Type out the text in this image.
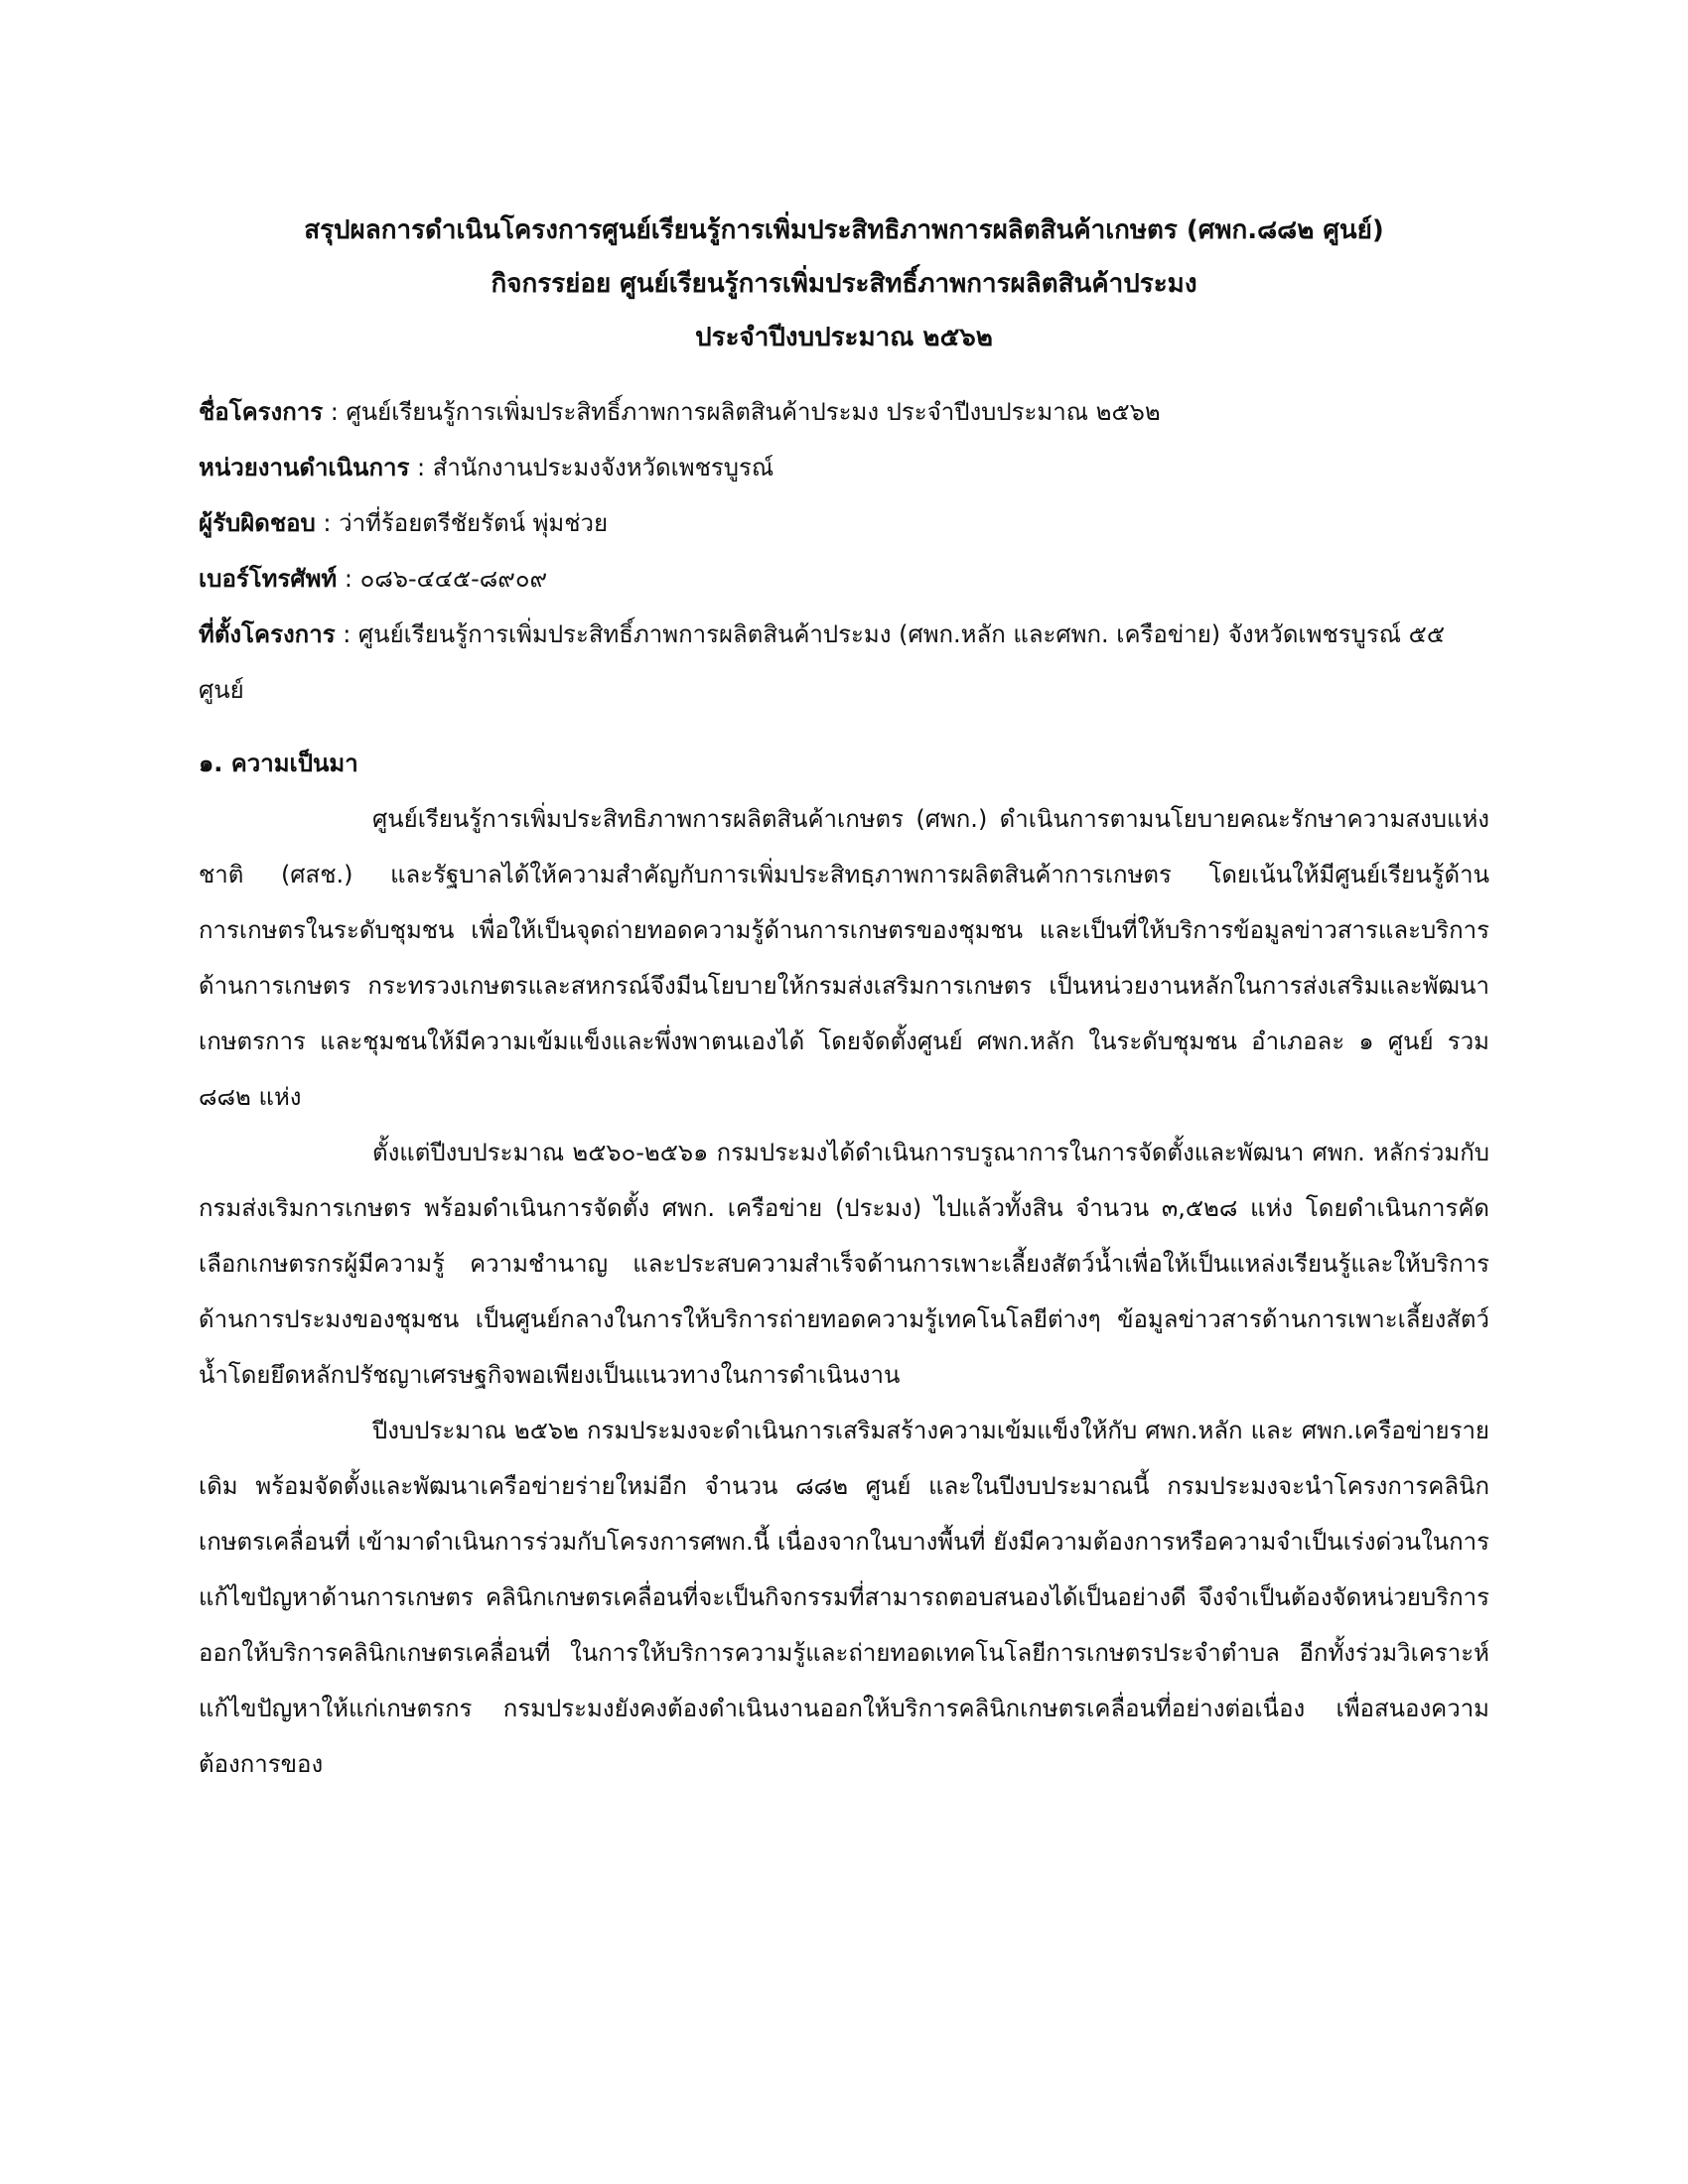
สรุปผลการดำเนินโครงการศูนย์เรียนรู้การเพิ่มประสิทธิภาพการผลิตสินค้าเกษตร (ศพก.๘๘๒ ศูนย์)

กิจกรรย่อย ศูนย์เรียนรู้การเพิ่มประสิทธิ์ภาพการผลิตสินค้าประมง

ประจำปีงบประมาณ ๒๕๖๒

ชื่อโครงการ : ศูนย์เรียนรู้การเพิ่มประสิทธิ์ภาพการผลิตสินค้าประมง ประจำปีงบประมาณ ๒๕๖๒

หน่วยงานดำเนินการ : สำนักงานประมงจังหวัดเพชรบูรณ์

ผู้รับผิดชอบ : ว่าที่ร้อยตรีชัยรัตน์ พุ่มช่วย

เบอร์โทรศัพท์ : ๐๘๖-๔๔๕-๘๙๐๙

ที่ตั้งโครงการ : ศูนย์เรียนรู้การเพิ่มประสิทธิ์ภาพการผลิตสินค้าประมง (ศพก.หลัก และศพก. เครือข่าย) จังหวัดเพชรบูรณ์ ๕๕ ศูนย์

๑. ความเป็นมา

ศูนย์เรียนรู้การเพิ่มประสิทธิภาพการผลิตสินค้าเกษตร (ศพก.) ดำเนินการตามนโยบายคณะรักษาความสงบแห่งชาติ (ศสช.) และรัฐบาลได้ให้ความสำคัญกับการเพิ่มประสิทธฺภาพการผลิตสินค้าการเกษตร โดยเน้นให้มีศูนย์เรียนรู้ด้านการเกษตรในระดับชุมชน เพื่อให้เป็นจุดถ่ายทอดความรู้ด้านการเกษตรของชุมชน และเป็นที่ให้บริการข้อมูลข่าวสารและบริการด้านการเกษตร กระทรวงเกษตรและสหกรณ์จึงมีนโยบายให้กรมส่งเสริมการเกษตร เป็นหน่วยงานหลักในการส่งเสริมและพัฒนาเกษตรการ และชุมชนให้มีความเข้มแข็งและพึ่งพาตนเองได้ โดยจัดตั้งศูนย์ ศพก.หลัก ในระดับชุมชน อำเภอละ ๑ ศูนย์ รวม ๘๘๒ แห่ง

ตั้งแต่ปีงบประมาณ ๒๕๖๐-๒๕๖๑ กรมประมงได้ดำเนินการบรูณาการในการจัดตั้งและพัฒนา ศพก. หลักร่วมกับกรมส่งเริมการเกษตร พร้อมดำเนินการจัดตั้ง ศพก. เครือข่าย (ประมง) ไปแล้วทั้งสิน จำนวน ๓,๕๒๘ แห่ง โดยดำเนินการคัดเลือกเกษตรกรผู้มีความรู้ ความชำนาญ และประสบความสำเร็จด้านการเพาะเลี้ยงสัตว์น้ำเพื่อให้เป็นแหล่งเรียนรู้และให้บริการด้านการประมงของชุมชน เป็นศูนย์กลางในการให้บริการถ่ายทอดความรู้เทคโนโลยีต่างๆ ข้อมูลข่าวสารด้านการเพาะเลี้ยงสัตว์น้ำโดยยึดหลักปรัชญาเศรษฐกิจพอเพียงเป็นแนวทางในการดำเนินงาน

ปีงบประมาณ ๒๕๖๒ กรมประมงจะดำเนินการเสริมสร้างความเข้มแข็งให้กับ ศพก.หลัก และ ศพก.เครือข่ายรายเดิม พร้อมจัดตั้งและพัฒนาเครือข่ายร่ายใหม่อีก จำนวน ๘๘๒ ศูนย์ และในปีงบประมาณนี้ กรมประมงจะนำโครงการคลินิกเกษตรเคลื่อนที่ เข้ามาดำเนินการร่วมกับโครงการศพก.นี้ เนื่องจากในบางพื้นที่ ยังมีความต้องการหรือความจำเป็นเร่งด่วนในการแก้ไขปัญหาด้านการเกษตร คลินิกเกษตรเคลื่อนที่จะเป็นกิจกรรมที่สามารถตอบสนองได้เป็นอย่างดี จึงจำเป็นต้องจัดหน่วยบริการออกให้บริการคลินิกเกษตรเคลื่อนที่ ในการให้บริการความรู้และถ่ายทอดเทคโนโลยีการเกษตรประจำตำบล อีกทั้งร่วมวิเคราะห์ แก้ไขปัญหาให้แก่เกษตรกร กรมประมงยังคงต้องดำเนินงานออกให้บริการคลินิกเกษตรเคลื่อนที่อย่างต่อเนื่อง เพื่อสนองความต้องการของ
